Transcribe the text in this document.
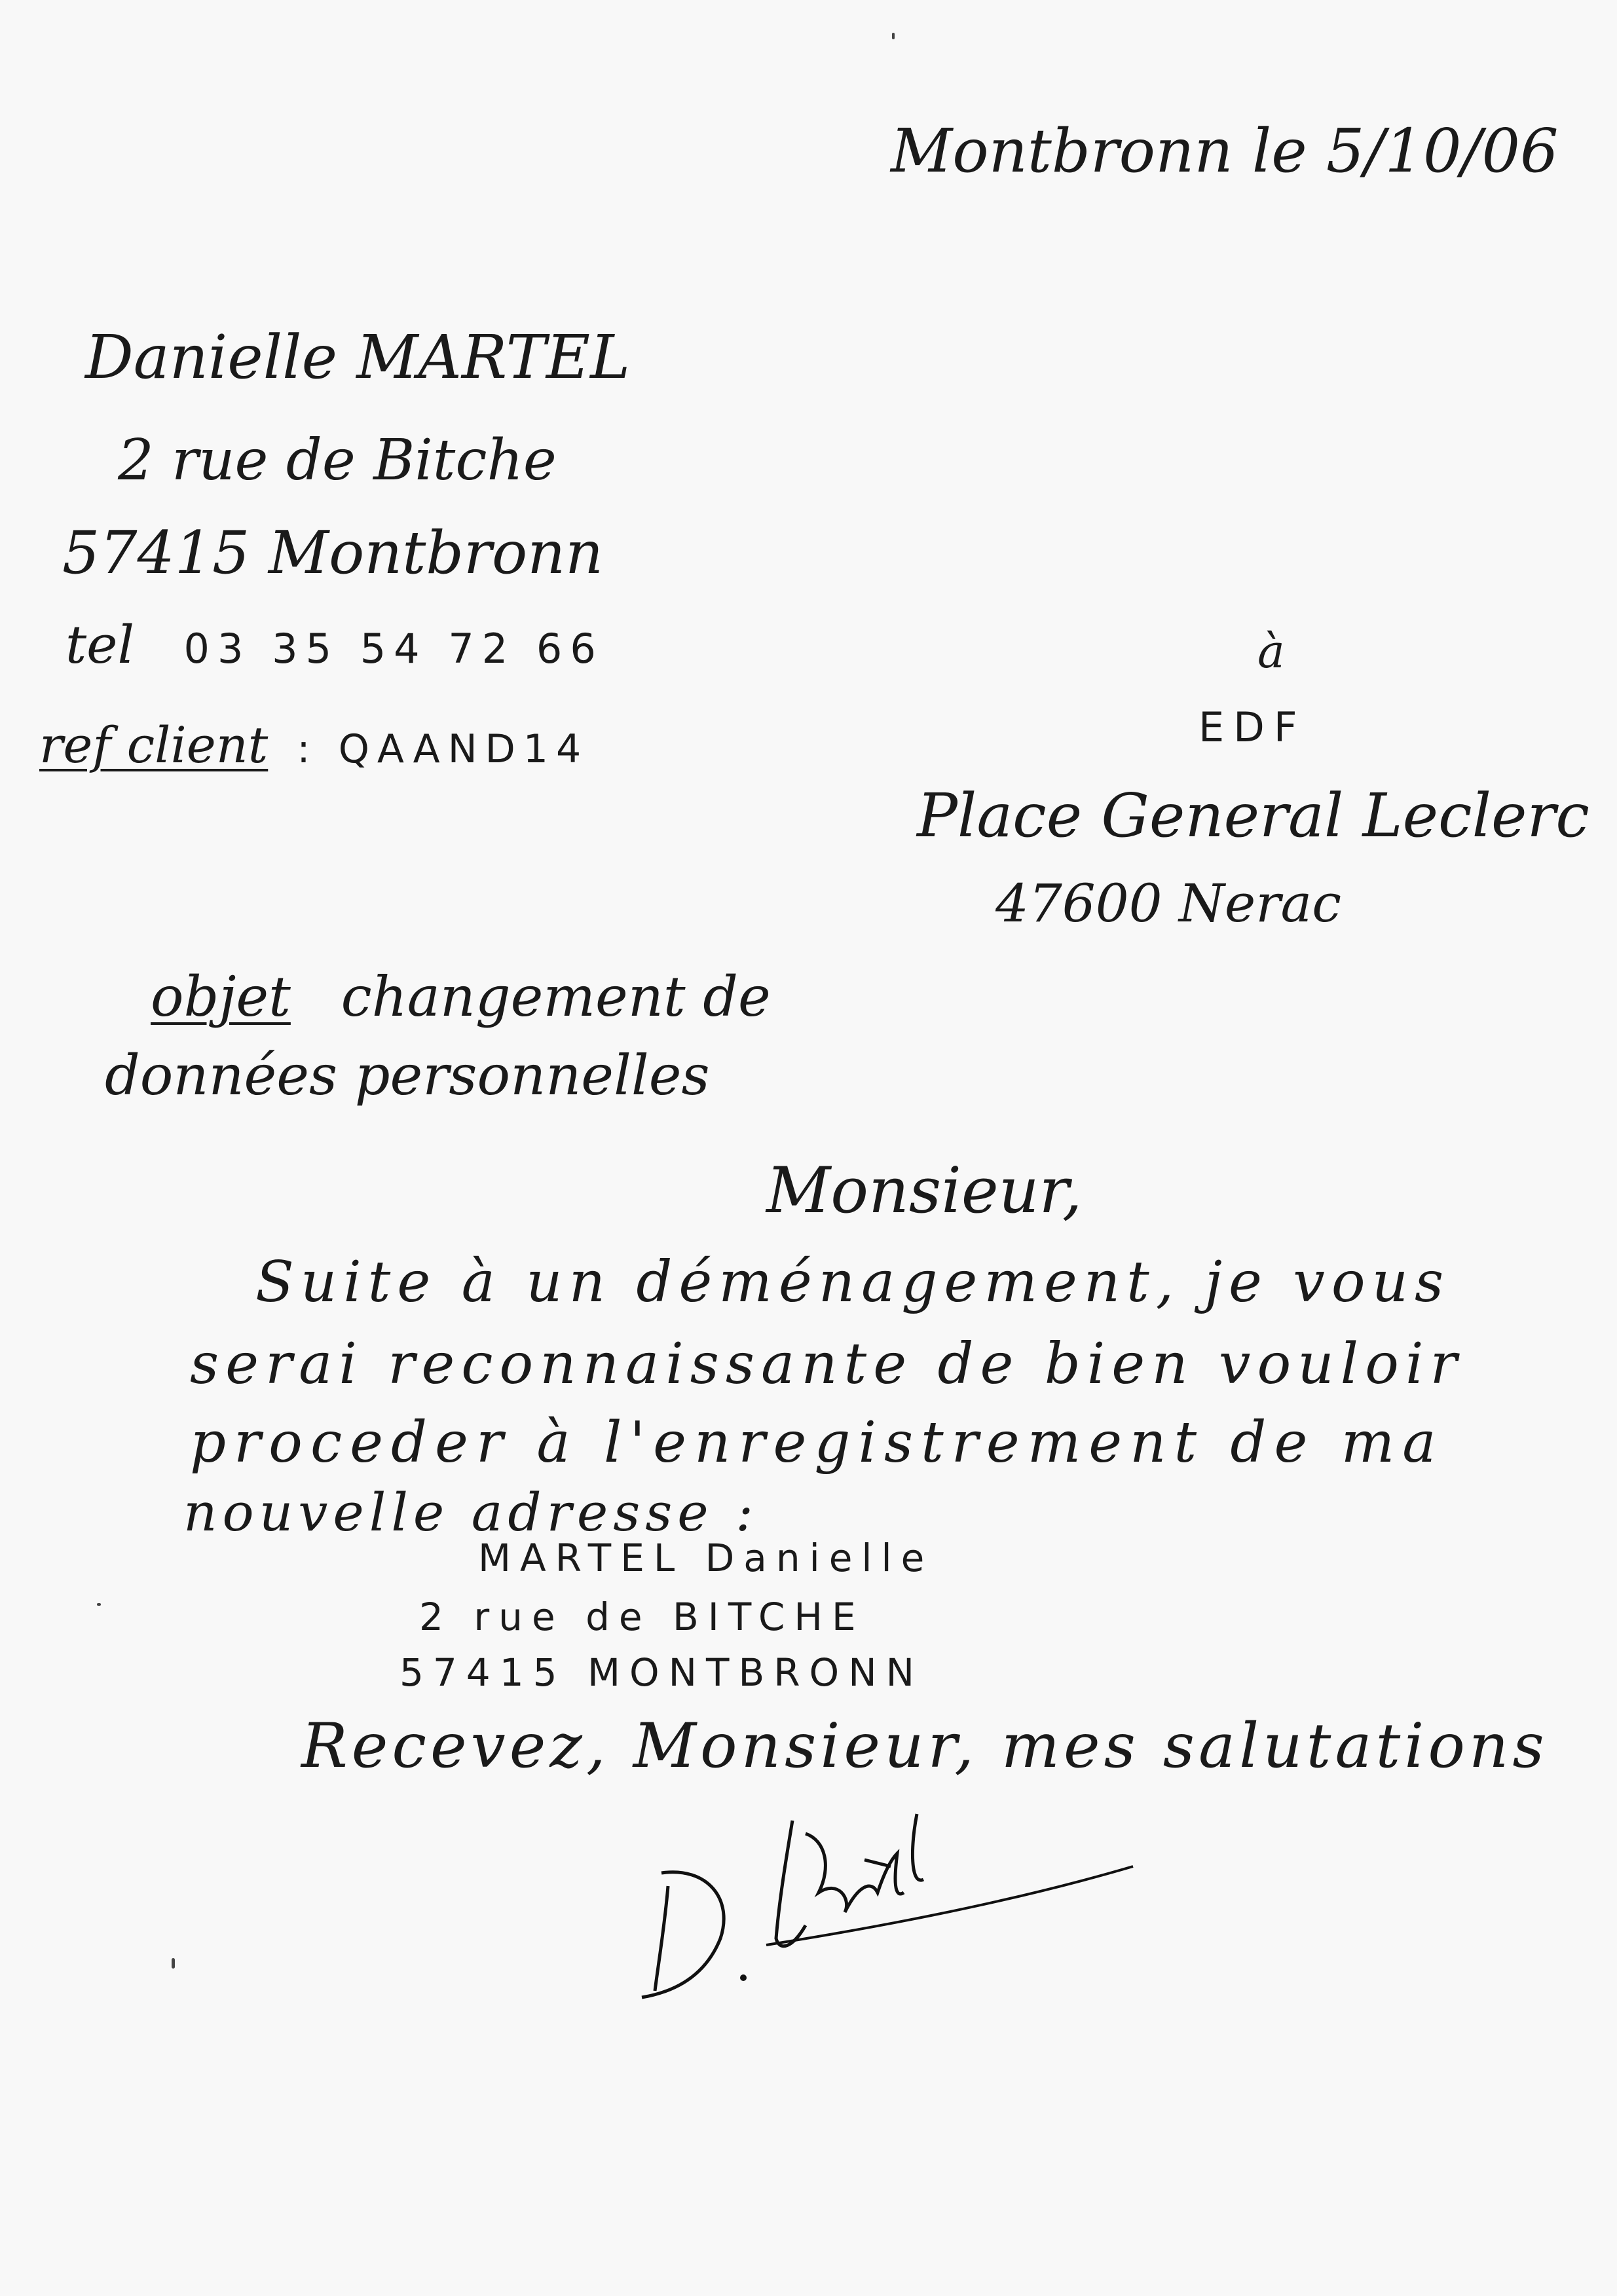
Montbronn le 5/10/06
Danielle MARTEL
2 rue de Bitche
57415 Montbronn
tel 03 35 54 72 66
ref client : QAAND14
à
EDF
Place General Leclerc
47600 Nerac
objet changement de
données personnelles
Monsieur,
Suite à un déménagement, je vous
serai reconnaissante de bien vouloir
proceder à l'enregistrement de ma
nouvelle adresse :
MARTEL Danielle
2 rue de BITCHE
57415 MONTBRONN
Recevez, Monsieur, mes salutations
